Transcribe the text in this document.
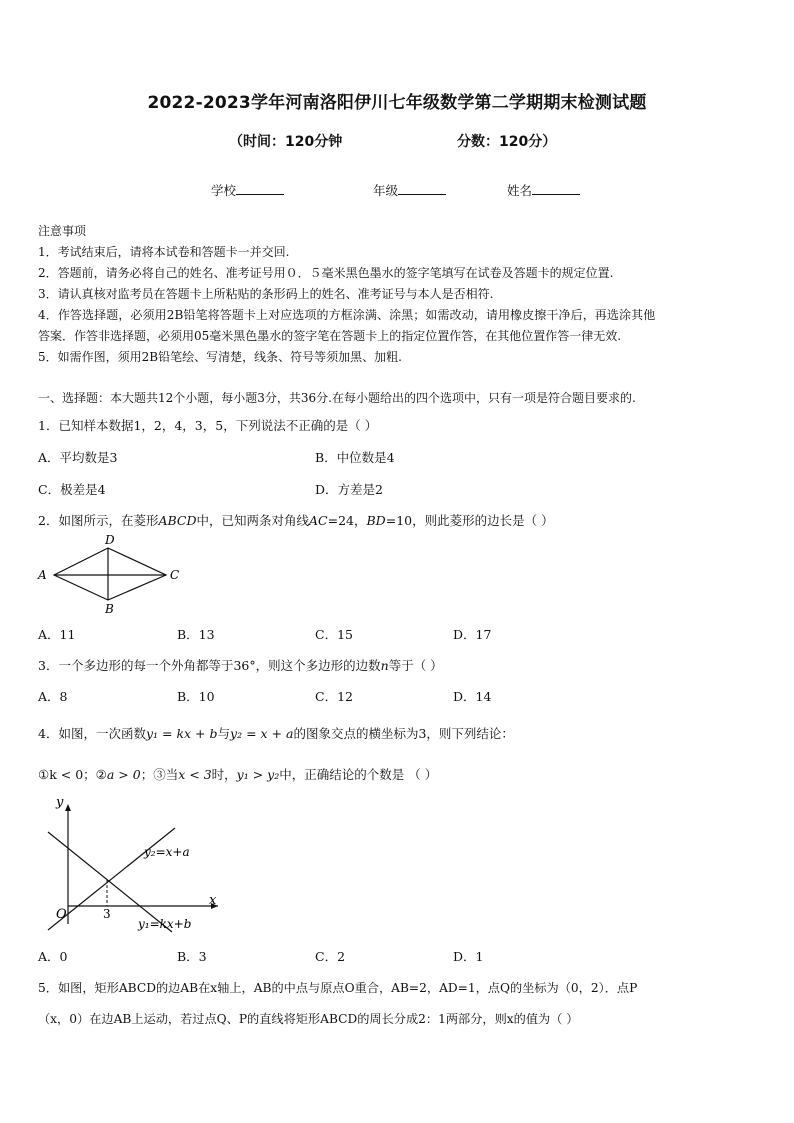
2022-2023学年河南洛阳伊川七年级数学第二学期期末检测试题
（时间：120分钟	分数：120分）
学校	年级	姓名
注意事项
1．考试结束后，请将本试卷和答题卡一并交回.
2．答题前，请务必将自己的姓名、准考证号用０．５毫米黑色墨水的签字笔填写在试卷及答题卡的规定位置.
3．请认真核对监考员在答题卡上所粘贴的条形码上的姓名、准考证号与本人是否相符.
4．作答选择题，必须用2B铅笔将答题卡上对应选项的方框涂满、涂黑；如需改动，请用橡皮擦干净后，再选涂其他
答案．作答非选择题，必须用05毫米黑色墨水的签字笔在答题卡上的指定位置作答，在其他位置作答一律无效.
5．如需作图，须用2B铅笔绘、写清楚，线条、符号等须加黑、加粗.
一、选择题：本大题共12个小题，每小题3分，共36分.在每小题给出的四个选项中，只有一项是符合题目要求的.
1．已知样本数据1，2，4，3，5，下列说法不正确的是（ ）
A．平均数是3	B．中位数是4
C．极差是4	D．方差是2
2．如图所示，在菱形ABCD中，已知两条对角线AC=24，BD=10，则此菱形的边长是（ ）
A
D
C
B
A．11	B．13	C．15	D．17
3．一个多边形的每一个外角都等于36°，则这个多边形的边数n等于（ ）
A．8	B．10	C．12	D．14
4．如图，一次函数y₁ = kx + b与y₂ = x + a的图象交点的横坐标为3，则下列结论：
①k < 0；②a > 0；③当x < 3时，y₁ > y₂中，正确结论的个数是 （ ）
y
x
O	3
y₂=x+a
y₁=kx+b
A．0	B．3	C．2	D．1
5．如图，矩形ABCD的边AB在x轴上，AB的中点与原点O重合，AB=2，AD=1，点Q的坐标为（0，2）．点P
（x，0）在边AB上运动，若过点Q、P的直线将矩形ABCD的周长分成2：1两部分，则x的值为（ ）
